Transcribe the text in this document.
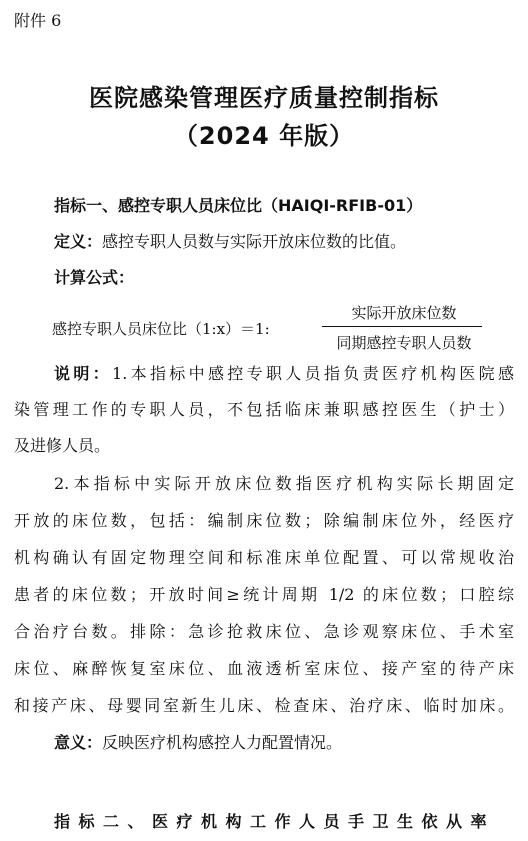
附件 6
医院感染管理医疗质量控制指标
（2024 年版）
指标一、感控专职人员床位比（HAIQI-RFIB-01）
定义：感控专职人员数与实际开放床位数的比值。
计算公式：
感控专职人员床位比（1:x）＝1:
实际开放床位数
同期感控专职人员数
说明：1.本指标中感控专职人员指负责医疗机构医院感
染管理工作的专职人员，不包括临床兼职感控医生（护士）
及进修人员。
2.本指标中实际开放床位数指医疗机构实际长期固定
开放的床位数，包括：编制床位数；除编制床位外，经医疗
机构确认有固定物理空间和标准床单位配置、可以常规收治
患者的床位数；开放时间≥统计周期 1/2 的床位数；口腔综
合治疗台数。排除：急诊抢救床位、急诊观察床位、手术室
床位、麻醉恢复室床位、血液透析室床位、接产室的待产床
和接产床、母婴同室新生儿床、检查床、治疗床、临时加床。
意义：反映医疗机构感控人力配置情况。
指标二、医疗机构工作人员手卫生依从率
